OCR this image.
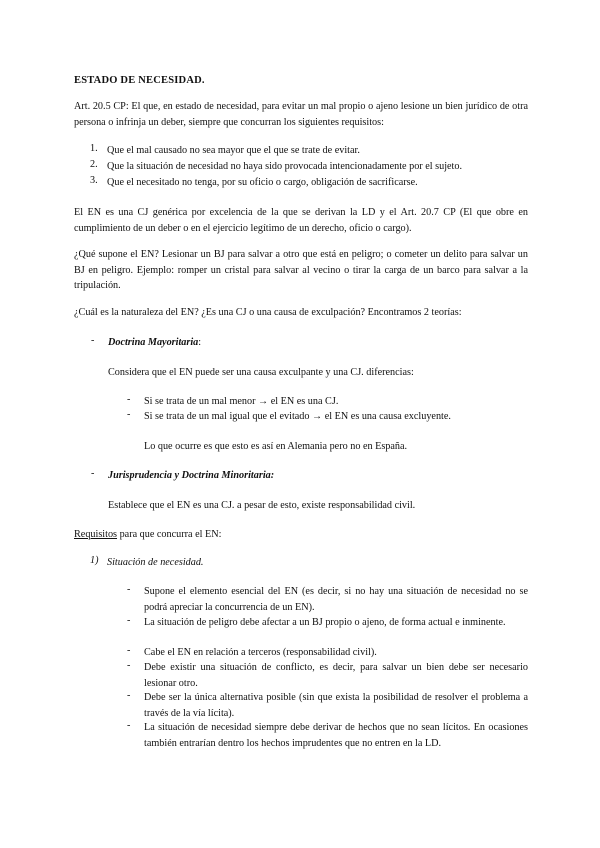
ESTADO DE NECESIDAD.
Art. 20.5 CP: El que, en estado de necesidad, para evitar un mal propio o ajeno lesione un bien jurídico de otra persona o infrinja un deber, siempre que concurran los siguientes requisitos:
1. Que el mal causado no sea mayor que el que se trate de evitar.
2. Que la situación de necesidad no haya sido provocada intencionadamente por el sujeto.
3. Que el necesitado no tenga, por su oficio o cargo, obligación de sacrificarse.
El EN es una CJ genérica por excelencia de la que se derivan la LD y el Art. 20.7 CP (El que obre en cumplimiento de un deber o en el ejercicio legítimo de un derecho, oficio o cargo).
¿Qué supone el EN? Lesionar un BJ para salvar a otro que está en peligro; o cometer un delito para salvar un BJ en peligro. Ejemplo: romper un cristal para salvar al vecino o tirar la carga de un barco para salvar a la tripulación.
¿Cuál es la naturaleza del EN? ¿Es una CJ o una causa de exculpación? Encontramos 2 teorías:
- Doctrina Mayoritaria:
Considera que el EN puede ser una causa exculpante y una CJ. diferencias:
- Si se trata de un mal menor → el EN es una CJ.
- Si se trata de un mal igual que el evitado → el EN es una causa excluyente.
Lo que ocurre es que esto es así en Alemania pero no en España.
- Jurisprudencia y Doctrina Minoritaria:
Establece que el EN es una CJ. a pesar de esto, existe responsabilidad civil.
Requisitos para que concurra el EN:
1) Situación de necesidad.
- Supone el elemento esencial del EN (es decir, si no hay una situación de necesidad no se podrá apreciar la concurrencia de un EN).
- La situación de peligro debe afectar a un BJ propio o ajeno, de forma actual e inminente.
- Cabe el EN en relación a terceros (responsabilidad civil).
- Debe existir una situación de conflicto, es decir, para salvar un bien debe ser necesario lesionar otro.
- Debe ser la única alternativa posible (sin que exista la posibilidad de resolver el problema a través de la vía lícita).
- La situación de necesidad siempre debe derivar de hechos que no sean lícitos. En ocasiones también entrarían dentro los hechos imprudentes que no entren en la LD.
